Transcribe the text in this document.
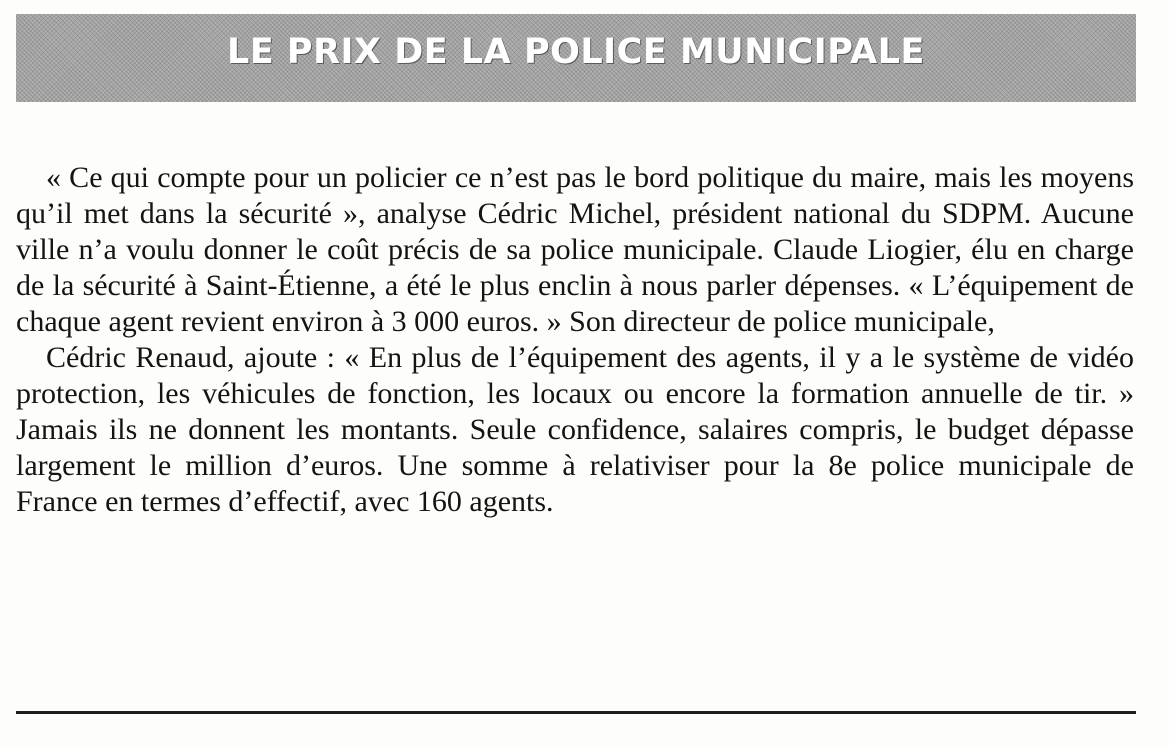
LE PRIX DE LA POLICE MUNICIPALE

« Ce qui compte pour un policier ce n’est pas le bord politique du maire, mais les moyens qu’il met dans la sécurité », analyse Cédric Michel, président national du SDPM. Aucune ville n’a voulu donner le coût précis de sa police municipale. Claude Liogier, élu en charge de la sécurité à Saint-Étienne, a été le plus enclin à nous parler dépenses. « L’équipement de chaque agent revient environ à 3 000 euros. » Son directeur de police municipale,

Cédric Renaud, ajoute : « En plus de l’équipement des agents, il y a le système de vidéo protection, les véhicules de fonction, les locaux ou encore la formation annuelle de tir. » Jamais ils ne donnent les montants. Seule confidence, salaires compris, le budget dépasse largement le million d’euros. Une somme à relativiser pour la 8e police municipale de France en termes d’effectif, avec 160 agents.
